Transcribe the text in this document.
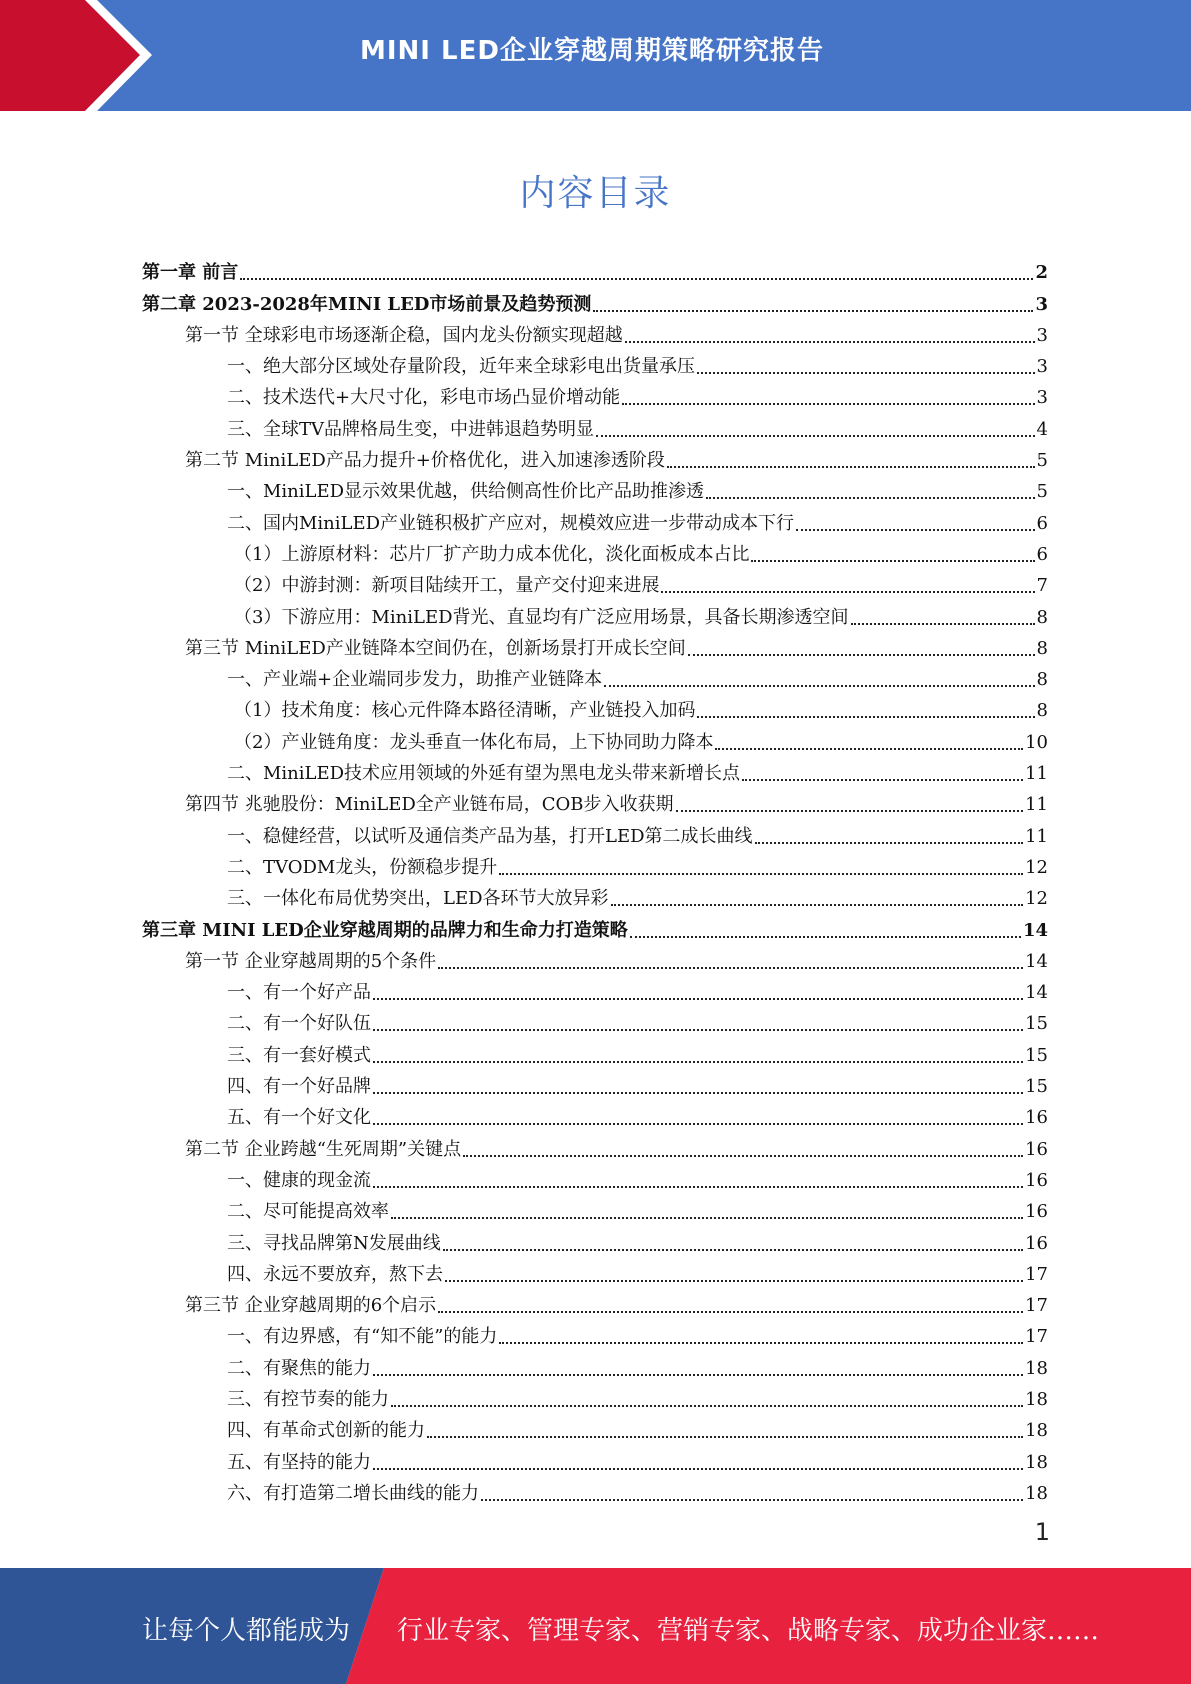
MINI LED企业穿越周期策略研究报告
内容目录
第一章 前言	2
第二章 2023-2028年MINI LED市场前景及趋势预测	3
第一节 全球彩电市场逐渐企稳，国内龙头份额实现超越	3
一、绝大部分区域处存量阶段，近年来全球彩电出货量承压	3
二、技术迭代+大尺寸化，彩电市场凸显价增动能	3
三、全球TV品牌格局生变，中进韩退趋势明显	4
第二节 MiniLED产品力提升+价格优化，进入加速渗透阶段	5
一、MiniLED显示效果优越，供给侧高性价比产品助推渗透	5
二、国内MiniLED产业链积极扩产应对，规模效应进一步带动成本下行	6
（1）上游原材料：芯片厂扩产助力成本优化，淡化面板成本占比	6
（2）中游封测：新项目陆续开工，量产交付迎来进展	7
（3）下游应用：MiniLED背光、直显均有广泛应用场景，具备长期渗透空间	8
第三节 MiniLED产业链降本空间仍在，创新场景打开成长空间	8
一、产业端+企业端同步发力，助推产业链降本	8
（1）技术角度：核心元件降本路径清晰，产业链投入加码	8
（2）产业链角度：龙头垂直一体化布局，上下协同助力降本	10
二、MiniLED技术应用领域的外延有望为黑电龙头带来新增长点	11
第四节 兆驰股份：MiniLED全产业链布局，COB步入收获期	11
一、稳健经营，以试听及通信类产品为基，打开LED第二成长曲线	11
二、TVODM龙头，份额稳步提升	12
三、一体化布局优势突出，LED各环节大放异彩	12
第三章 MINI LED企业穿越周期的品牌力和生命力打造策略	14
第一节 企业穿越周期的5个条件	14
一、有一个好产品	14
二、有一个好队伍	15
三、有一套好模式	15
四、有一个好品牌	15
五、有一个好文化	16
第二节 企业跨越“生死周期”关键点	16
一、健康的现金流	16
二、尽可能提高效率	16
三、寻找品牌第N发展曲线	16
四、永远不要放弃，熬下去	17
第三节 企业穿越周期的6个启示	17
一、有边界感，有“知不能”的能力	17
二、有聚焦的能力	18
三、有控节奏的能力	18
四、有革命式创新的能力	18
五、有坚持的能力	18
六、有打造第二增长曲线的能力	18
1
让每个人都能成为 行业专家、管理专家、营销专家、战略专家、成功企业家……
